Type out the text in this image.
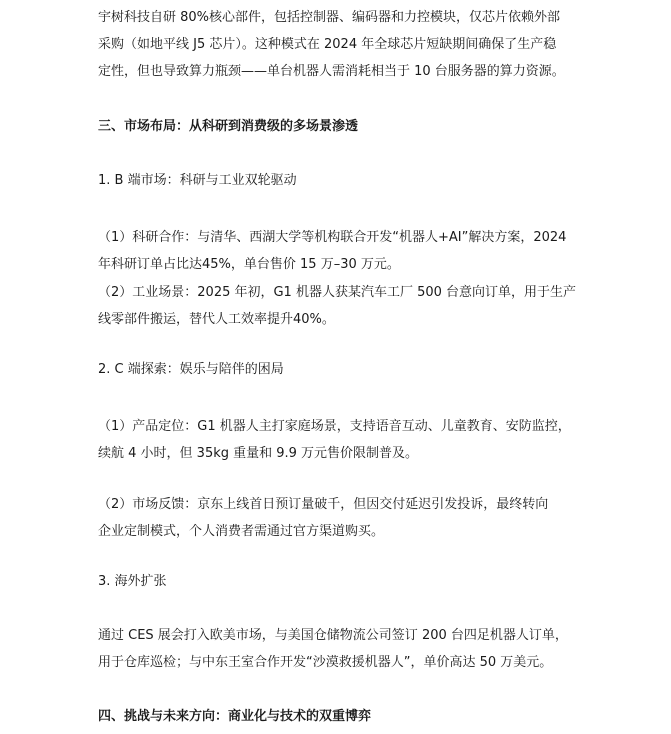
宇树科技自研 80%核心部件，包括控制器、编码器和力控模块，仅芯片依赖外部
采购（如地平线 J5 芯片）。这种模式在 2024 年全球芯片短缺期间确保了生产稳
定性，但也导致算力瓶颈——单台机器人需消耗相当于 10 台服务器的算力资源。
三、市场布局：从科研到消费级的多场景渗透
1. B 端市场：科研与工业双轮驱动
（1）科研合作：与清华、西湖大学等机构联合开发“机器人+AI”解决方案，2024
年科研订单占比达45%，单台售价 15 万–30 万元。
（2）工业场景：2025 年初，G1 机器人获某汽车工厂 500 台意向订单，用于生产
线零部件搬运，替代人工效率提升40%。
2. C 端探索：娱乐与陪伴的困局
（1）产品定位：G1 机器人主打家庭场景，支持语音互动、儿童教育、安防监控，
续航 4 小时，但 35kg 重量和 9.9 万元售价限制普及。
（2）市场反馈：京东上线首日预订量破千，但因交付延迟引发投诉，最终转向
企业定制模式，个人消费者需通过官方渠道购买。
3. 海外扩张
通过 CES 展会打入欧美市场，与美国仓储物流公司签订 200 台四足机器人订单，
用于仓库巡检；与中东王室合作开发“沙漠救援机器人”，单价高达 50 万美元。
四、挑战与未来方向：商业化与技术的双重博弈
